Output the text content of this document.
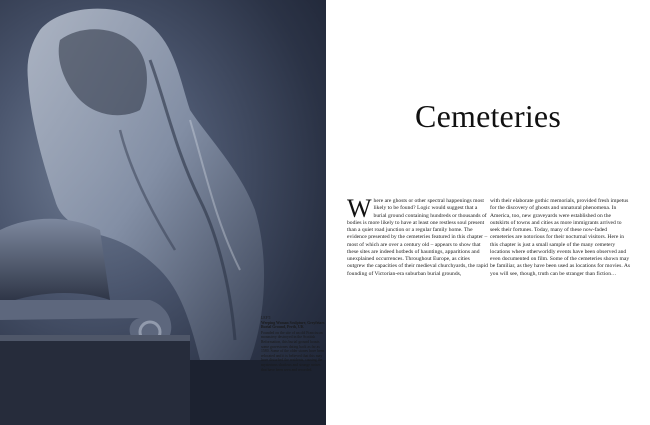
LEFT:
Weeping Woman Sculpture, Greyfriars Burial Ground, Perth, UK
Founded on the site of an old Franciscan monastery destroyed in the Scottish Reformation, this burial ground boasts some gravestones dating back as far as 1580. Some of the older stones have been relocated and it is believed that this may have disturbed the residents, causing the mysterious shadows and strange noises that have been seen and recorded.
Cemeteries
Where are ghosts or other spectral happenings most likely to be found? Logic would suggest that a burial ground containing hundreds or thousands of bodies is more likely to have at least one restless soul present than a quiet road junction or a regular family home. The evidence presented by the cemeteries featured in this chapter – most of which are over a century old – appears to show that these sites are indeed hotbeds of hauntings, apparitions and unexplained occurrences. Throughout Europe, as cities outgrew the capacities of their medieval churchyards, the rapid founding of Victorian-era suburban burial grounds,
with their elaborate gothic memorials, provided fresh impetus for the discovery of ghosts and unnatural phenomena. In America, too, new graveyards were established on the outskirts of towns and cities as more immigrants arrived to seek their fortunes. Today, many of these now-faded cemeteries are notorious for their nocturnal visitors. Here in this chapter is just a small sample of the many cemetery locations where otherworldly events have been observed and even documented on film. Some of the cemeteries shown may be familiar, as they have been used as locations for movies. As you will see, though, truth can be stranger than fiction…
